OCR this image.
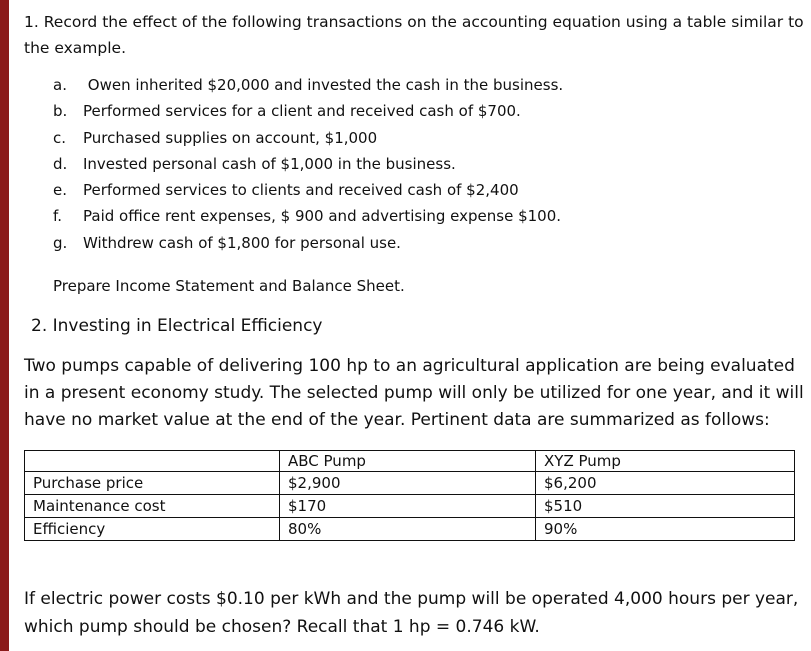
1. Record the effect of the following transactions on the accounting equation using a table similar to the example.
a. Owen inherited $20,000 and invested the cash in the business.
b. Performed services for a client and received cash of $700.
c. Purchased supplies on account, $1,000
d. Invested personal cash of $1,000 in the business.
e. Performed services to clients and received cash of $2,400
f. Paid office rent expenses, $ 900 and advertising expense $100.
g. Withdrew cash of $1,800 for personal use.
Prepare Income Statement and Balance Sheet.
2. Investing in Electrical Efficiency
Two pumps capable of delivering 100 hp to an agricultural application are being evaluated in a present economy study. The selected pump will only be utilized for one year, and it will have no market value at the end of the year. Pertinent data are summarized as follows:
	ABC Pump	XYZ Pump
Purchase price	$2,900	$6,200
Maintenance cost	$170	$510
Efficiency	80%	90%
If electric power costs $0.10 per kWh and the pump will be operated 4,000 hours per year,
which pump should be chosen? Recall that 1 hp = 0.746 kW.
